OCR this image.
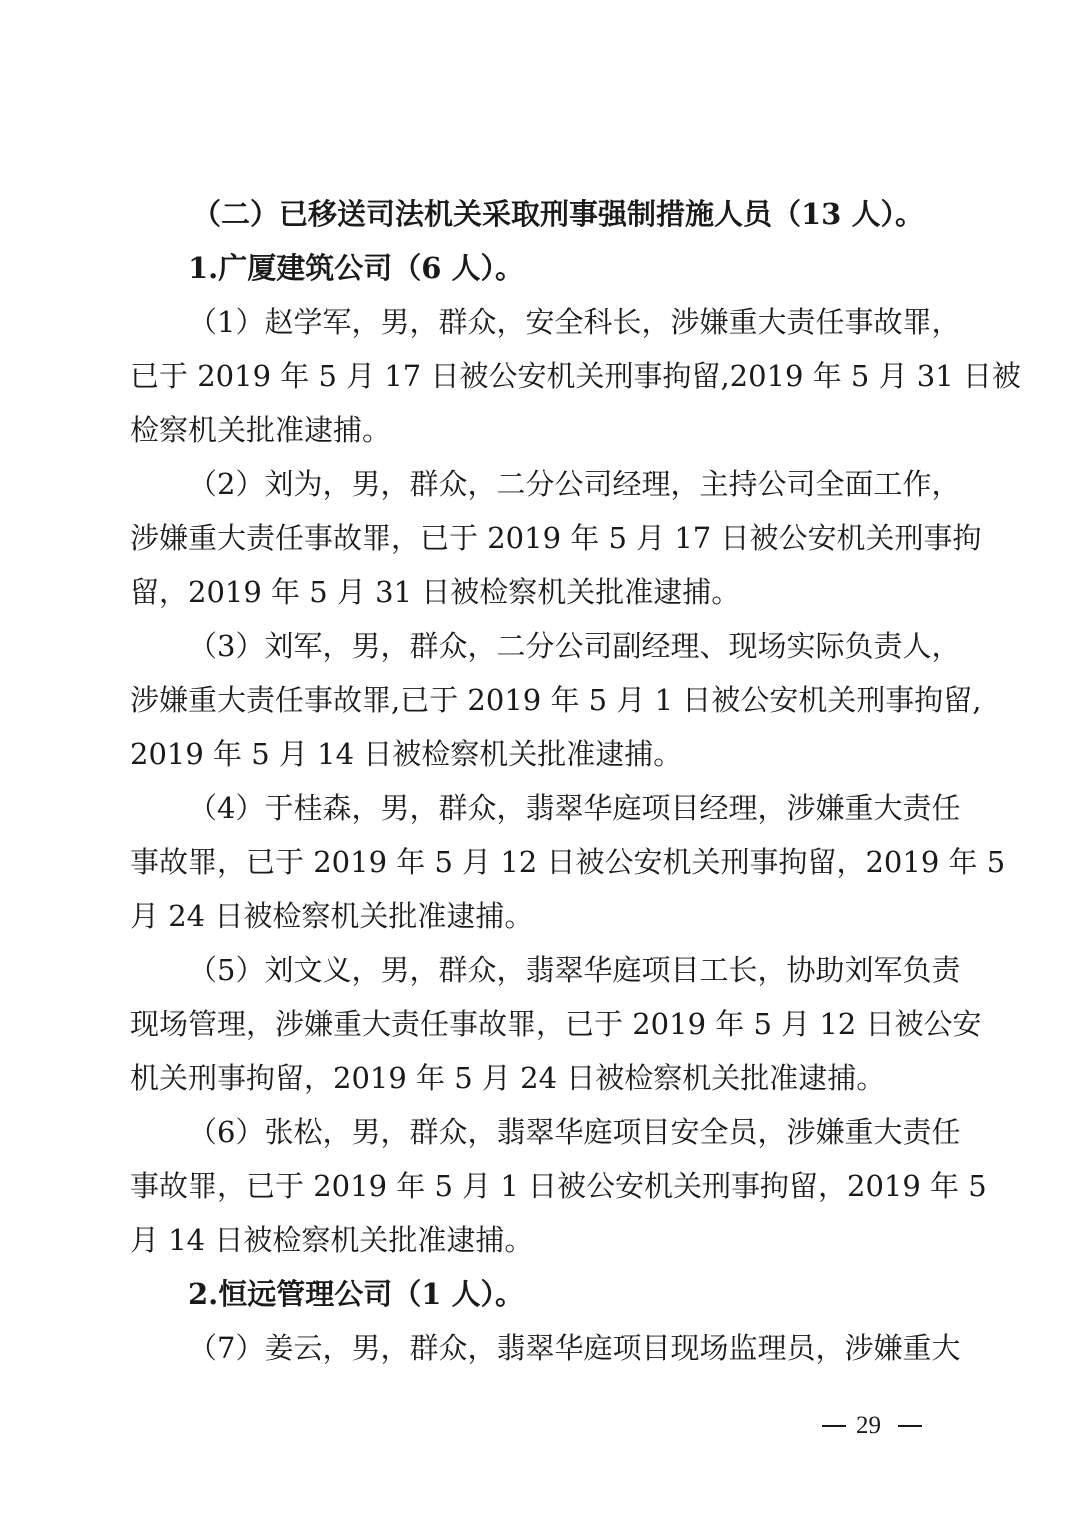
（二）已移送司法机关采取刑事强制措施人员（13 人）。
1.广厦建筑公司（6 人）。
（1）赵学军，男，群众，安全科长，涉嫌重大责任事故罪，
已于 2019 年 5 月 17 日被公安机关刑事拘留,2019 年 5 月 31 日被
检察机关批准逮捕。
（2）刘为，男，群众，二分公司经理，主持公司全面工作，
涉嫌重大责任事故罪，已于 2019 年 5 月 17 日被公安机关刑事拘
留，2019 年 5 月 31 日被检察机关批准逮捕。
（3）刘军，男，群众，二分公司副经理、现场实际负责人，
涉嫌重大责任事故罪,已于 2019 年 5 月 1 日被公安机关刑事拘留,
2019 年 5 月 14 日被检察机关批准逮捕。
（4）于桂森，男，群众，翡翠华庭项目经理，涉嫌重大责任
事故罪，已于 2019 年 5 月 12 日被公安机关刑事拘留，2019 年 5
月 24 日被检察机关批准逮捕。
（5）刘文义，男，群众，翡翠华庭项目工长，协助刘军负责
现场管理，涉嫌重大责任事故罪，已于 2019 年 5 月 12 日被公安
机关刑事拘留，2019 年 5 月 24 日被检察机关批准逮捕。
（6）张松，男，群众，翡翠华庭项目安全员，涉嫌重大责任
事故罪，已于 2019 年 5 月 1 日被公安机关刑事拘留，2019 年 5
月 14 日被检察机关批准逮捕。
2.恒远管理公司（1 人）。
（7）姜云，男，群众，翡翠华庭项目现场监理员，涉嫌重大
29
